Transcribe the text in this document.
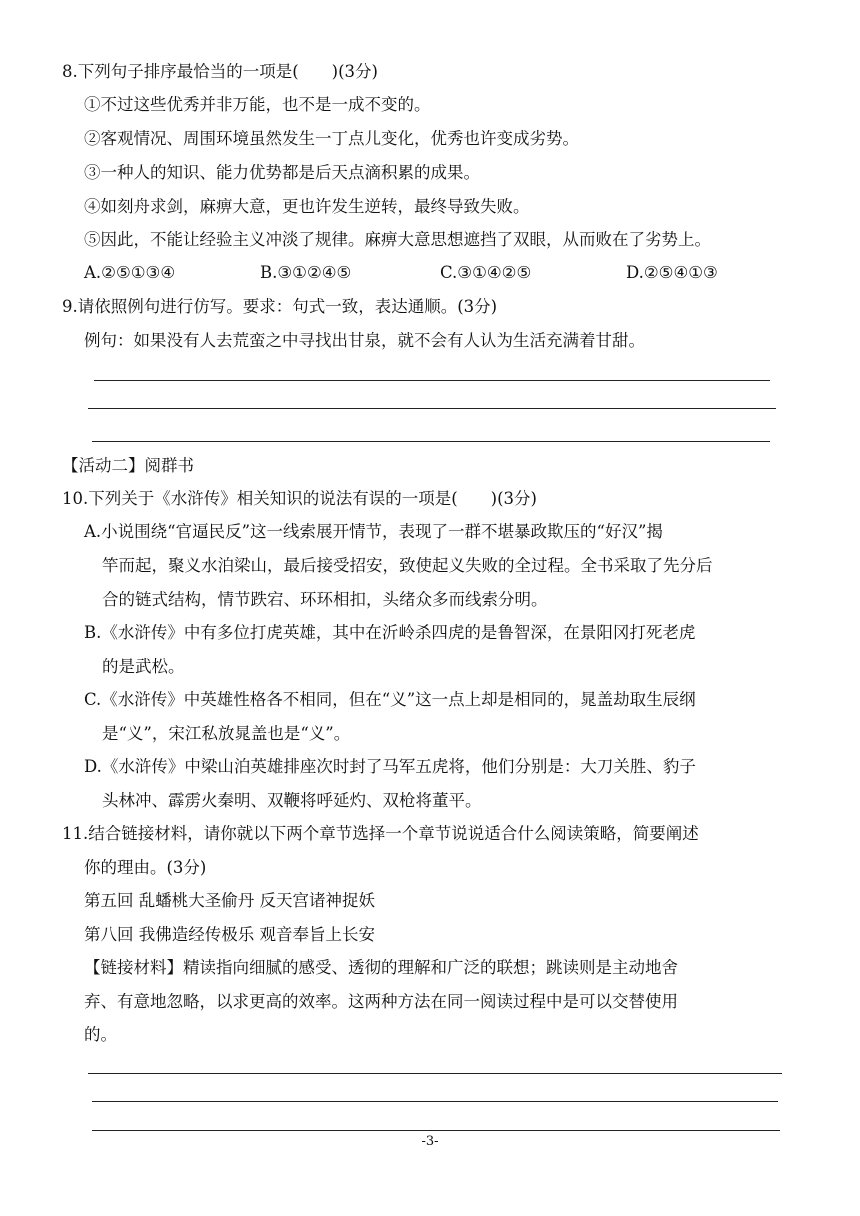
8.下列句子排序最恰当的一项是(　　)(3分)
①不过这些优秀并非万能，也不是一成不变的。
②客观情况、周围环境虽然发生一丁点儿变化，优秀也许变成劣势。
③一种人的知识、能力优势都是后天点滴积累的成果。
④如刻舟求剑，麻痹大意，更也许发生逆转，最终导致失败。
⑤因此，不能让经验主义冲淡了规律。麻痹大意思想遮挡了双眼，从而败在了劣势上。
A.②⑤①③④	B.③①②④⑤	C.③①④②⑤	D.②⑤④①③
9.请依照例句进行仿写。要求：句式一致，表达通顺。(3分)
例句：如果没有人去荒蛮之中寻找出甘泉，就不会有人认为生活充满着甘甜。
【活动二】阅群书
10.下列关于《水浒传》相关知识的说法有误的一项是(　　)(3分)
A.小说围绕“官逼民反”这一线索展开情节，表现了一群不堪暴政欺压的“好汉”揭
竿而起，聚义水泊梁山，最后接受招安，致使起义失败的全过程。全书采取了先分后
合的链式结构，情节跌宕、环环相扣，头绪众多而线索分明。
B.《水浒传》中有多位打虎英雄，其中在沂岭杀四虎的是鲁智深，在景阳冈打死老虎
的是武松。
C.《水浒传》中英雄性格各不相同，但在“义”这一点上却是相同的，晁盖劫取生辰纲
是“义”，宋江私放晁盖也是“义”。
D.《水浒传》中梁山泊英雄排座次时封了马军五虎将，他们分别是：大刀关胜、豹子
头林冲、霹雳火秦明、双鞭将呼延灼、双枪将董平。
11.结合链接材料，请你就以下两个章节选择一个章节说说适合什么阅读策略，简要阐述
你的理由。(3分)
第五回 乱蟠桃大圣偷丹 反天宫诸神捉妖
第八回 我佛造经传极乐 观音奉旨上长安
【链接材料】精读指向细腻的感受、透彻的理解和广泛的联想；跳读则是主动地舍
弃、有意地忽略，以求更高的效率。这两种方法在同一阅读过程中是可以交替使用
的。
-3-
